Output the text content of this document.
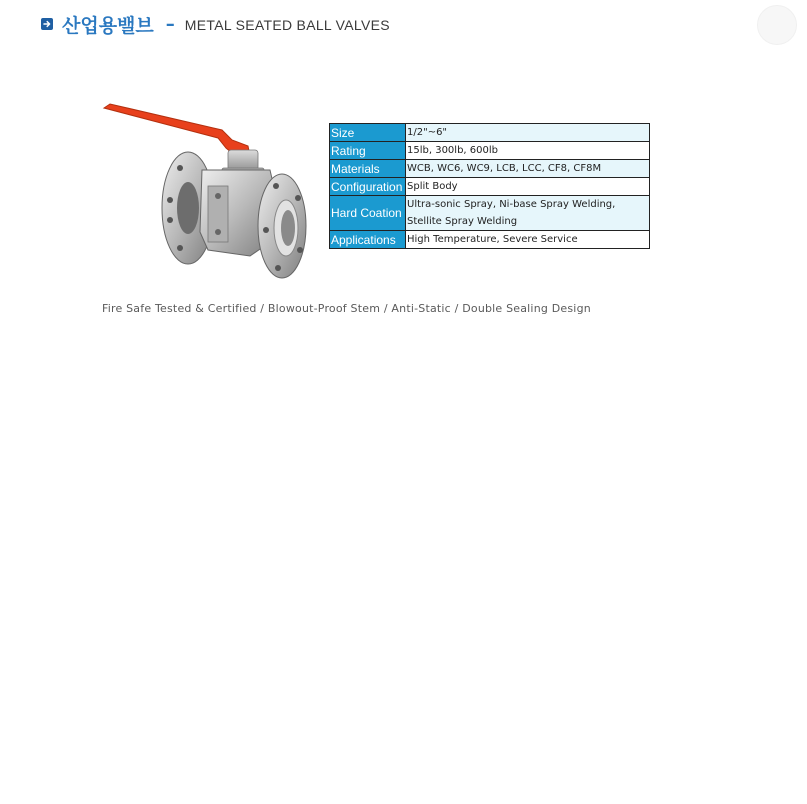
산업용밸브 – METAL SEATED BALL VALVES
Size	1/2"~6"
Rating	15lb, 300lb, 600lb
Materials	WCB, WC6, WC9, LCB, LCC, CF8, CF8M
Configuration	Split Body
Hard Coation	Ultra-sonic Spray, Ni-base Spray Welding, Stellite Spray Welding
Applications	High Temperature, Severe Service
Fire Safe Tested & Certified / Blowout-Proof Stem / Anti-Static / Double Sealing Design
